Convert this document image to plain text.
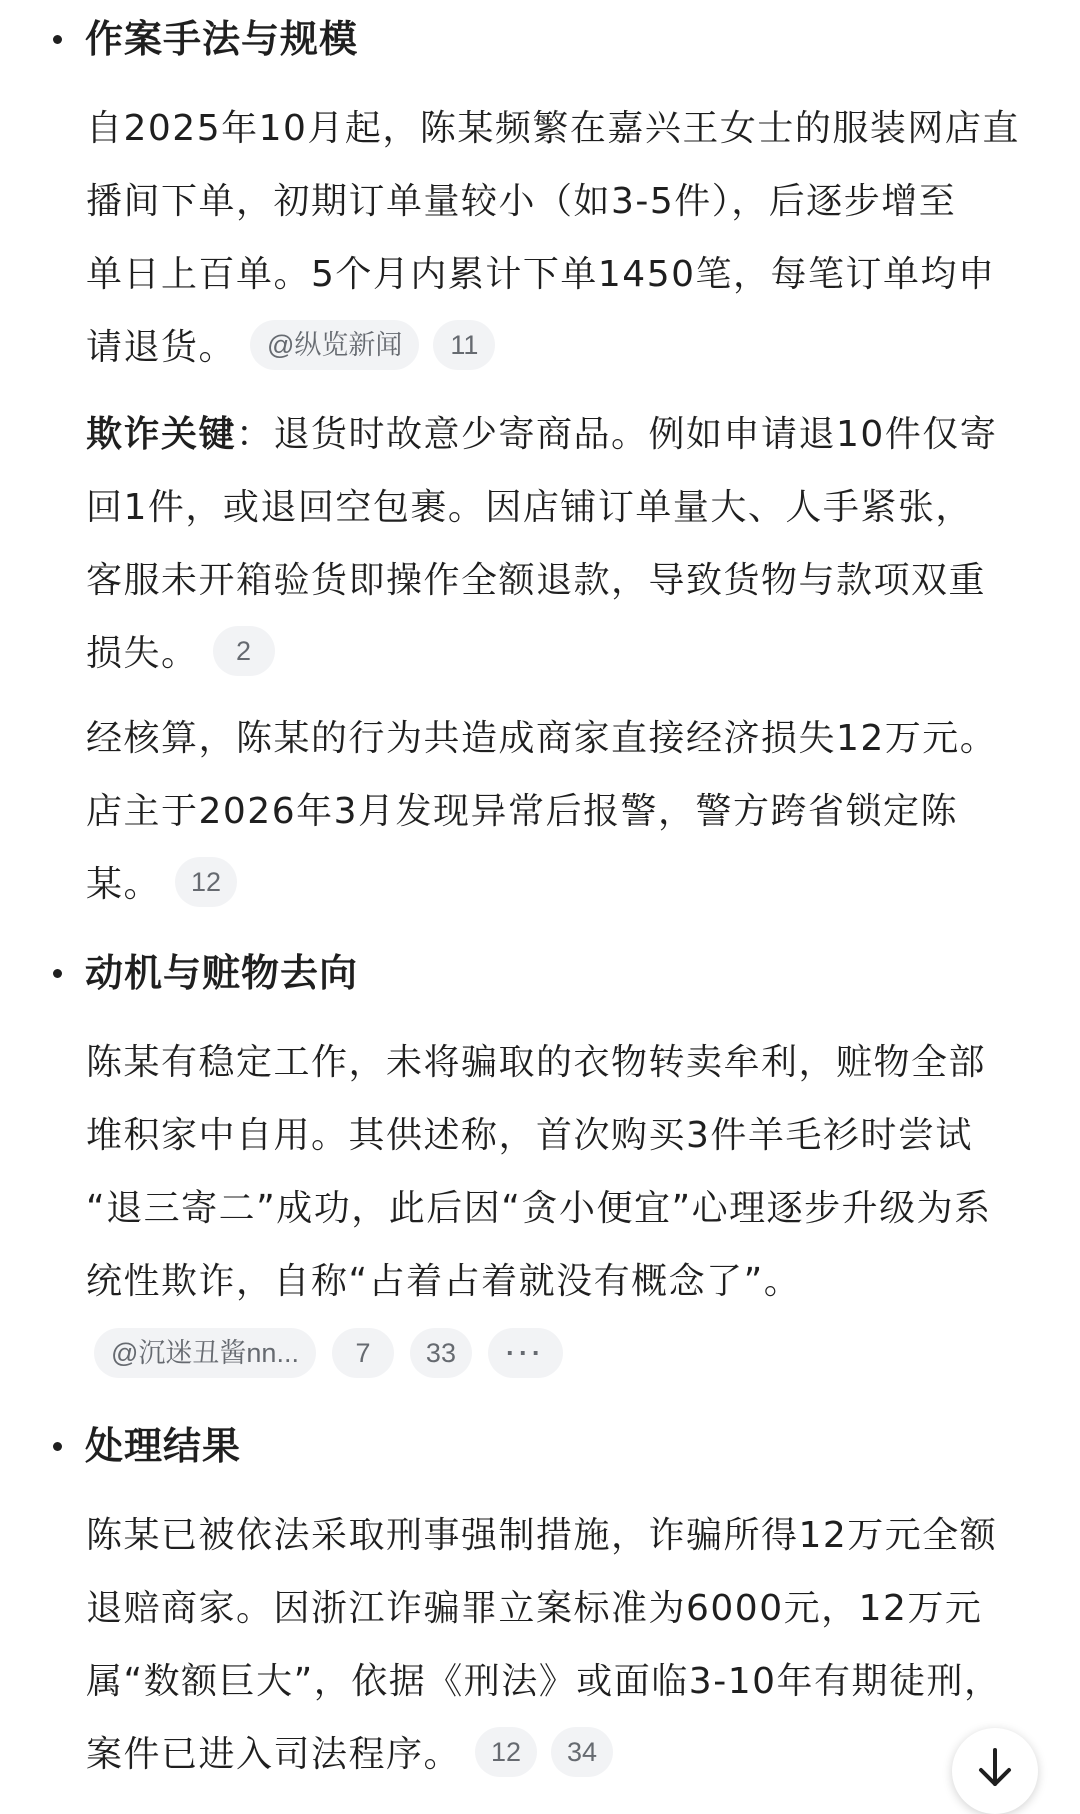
作案手法与规模
自2025年10月起，陈某频繁在嘉兴王女士的服装网店直
播间下单，初期订单量较小（如3-5件），后逐步增至
单日上百单。5个月内累计下单1450笔，每笔订单均申
请退货。 @纵览新闻 11
欺诈关键：退货时故意少寄商品。例如申请退10件仅寄
回1件，或退回空包裹。因店铺订单量大、人手紧张，
客服未开箱验货即操作全额退款，导致货物与款项双重
损失。 2
经核算，陈某的行为共造成商家直接经济损失12万元。
店主于2026年3月发现异常后报警，警方跨省锁定陈
某。 12
动机与赃物去向
陈某有稳定工作，未将骗取的衣物转卖牟利，赃物全部
堆积家中自用。其供述称，首次购买3件羊毛衫时尝试
“退三寄二”成功，此后因“贪小便宜”心理逐步升级为系
统性欺诈，自称“占着占着就没有概念了”。
@沉迷丑酱nn...	7	33	···
处理结果
陈某已被依法采取刑事强制措施，诈骗所得12万元全额
退赔商家。因浙江诈骗罪立案标准为6000元，12万元
属“数额巨大”，依据《刑法》或面临3-10年有期徒刑，
案件已进入司法程序。 12 34
